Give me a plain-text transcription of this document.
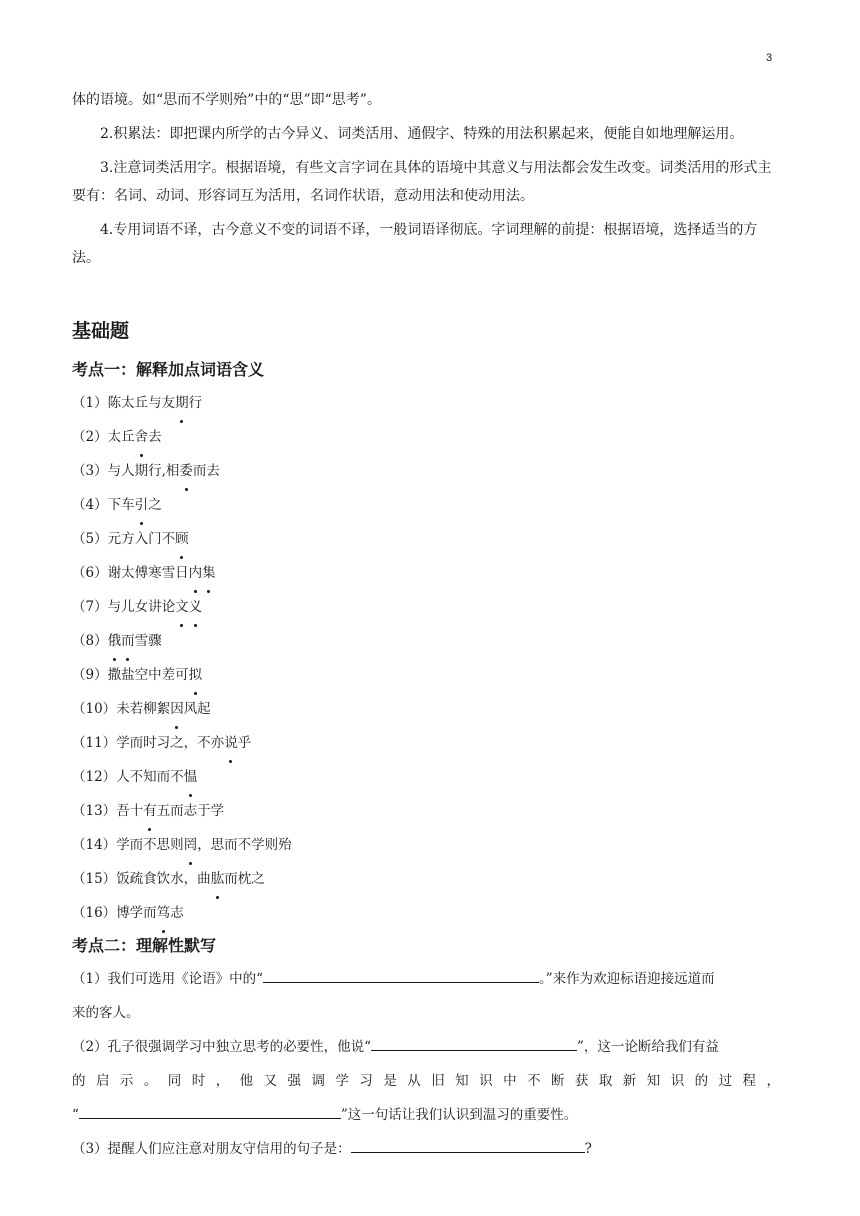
3

体的语境。如“思而不学则殆”中的“思”即“思考”。

2.积累法：即把课内所学的古今异义、词类活用、通假字、特殊的用法积累起来，便能自如地理解运用。

3.注意词类活用字。根据语境，有些文言字词在具体的语境中其意义与用法都会发生改变。词类活用的形式主要有：名词、动词、形容词互为活用，名词作状语，意动用法和使动用法。

4.专用词语不译，古今意义不变的词语不译，一般词语译彻底。字词理解的前提：根据语境，选择适当的方法。

基础题
考点一：解释加点词语含义

（1）陈太丘与友期行

（2）太丘舍去

（3）与人期行,相委而去

（4）下车引之

（5）元方入门不顾

（6）谢太傅寒雪日内集

（7）与儿女讲论文义

（8）俄而雪骤

（9）撒盐空中差可拟

（10）未若柳絮因风起

（11）学而时习之，不亦说乎

（12）人不知而不愠

（13）吾十有五而志于学

（14）学而不思则罔，思而不学则殆

（15）饭疏食饮水，曲肱而枕之

（16）博学而笃志

考点二：理解性默写

（1）我们可选用《论语》中的“	。”来作为欢迎标语迎接远道而

来的客人。

（2）孔子很强调学习中独立思考的必要性，他说“	”，这一论断给我们有益

的启示。同时，他又强调学习是从旧知识中不断获取新知识的过程，

“	”这一句话让我们认识到温习的重要性。

（3）提醒人们应注意对朋友守信用的句子是：	?
